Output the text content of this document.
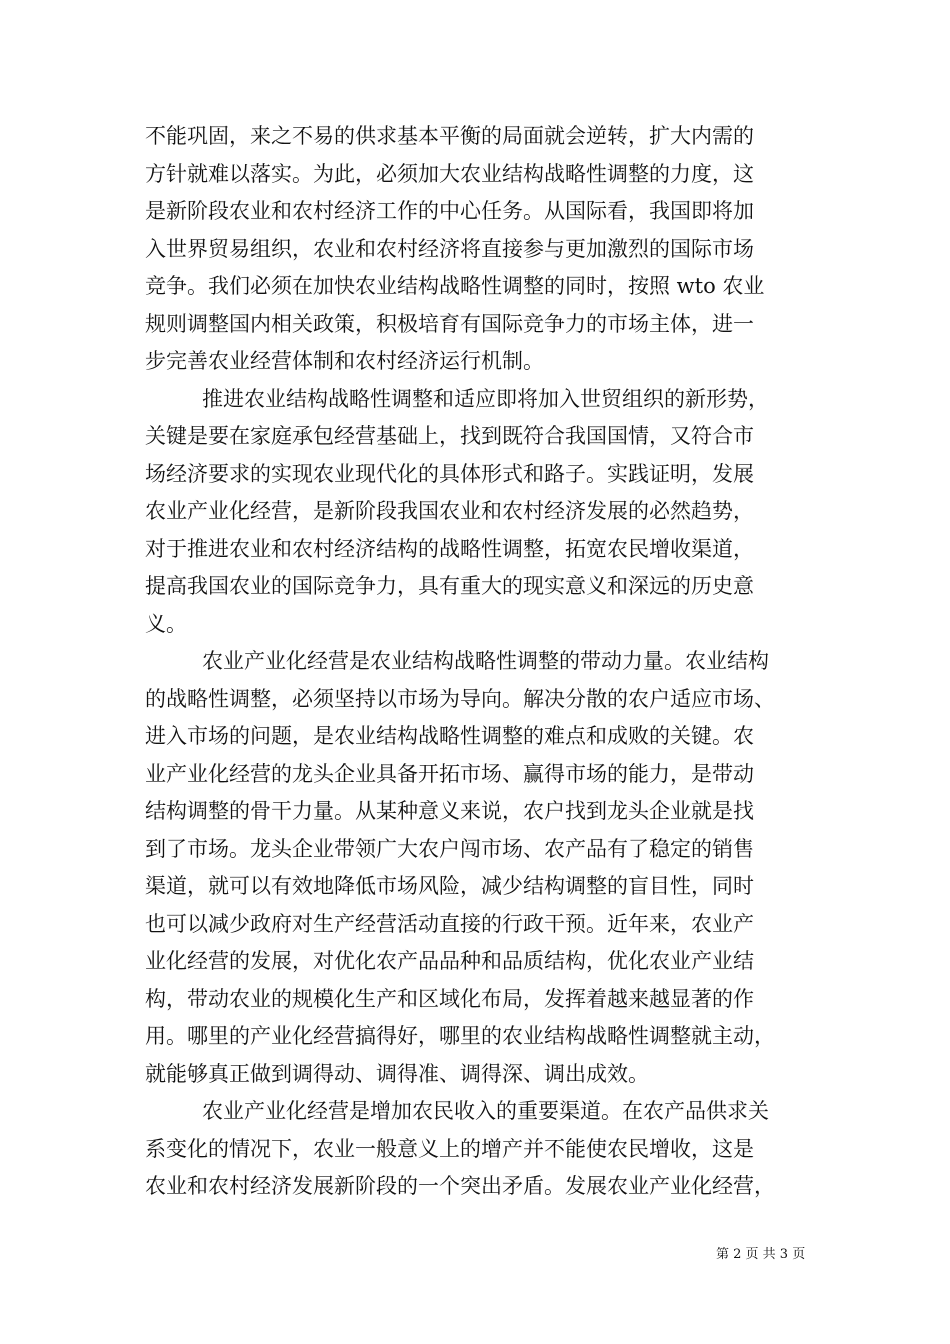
不能巩固，来之不易的供求基本平衡的局面就会逆转，扩大内需的
方针就难以落实。为此，必须加大农业结构战略性调整的力度，这
是新阶段农业和农村经济工作的中心任务。从国际看，我国即将加
入世界贸易组织，农业和农村经济将直接参与更加激烈的国际市场
竞争。我们必须在加快农业结构战略性调整的同时，按照 wto 农业
规则调整国内相关政策，积极培育有国际竞争力的市场主体，进一
步完善农业经营体制和农村经济运行机制。
推进农业结构战略性调整和适应即将加入世贸组织的新形势，
关键是要在家庭承包经营基础上，找到既符合我国国情，又符合市
场经济要求的实现农业现代化的具体形式和路子。实践证明，发展
农业产业化经营，是新阶段我国农业和农村经济发展的必然趋势，
对于推进农业和农村经济结构的战略性调整，拓宽农民增收渠道，
提高我国农业的国际竞争力，具有重大的现实意义和深远的历史意
义。
农业产业化经营是农业结构战略性调整的带动力量。农业结构
的战略性调整，必须坚持以市场为导向。解决分散的农户适应市场、
进入市场的问题，是农业结构战略性调整的难点和成败的关键。农
业产业化经营的龙头企业具备开拓市场、赢得市场的能力，是带动
结构调整的骨干力量。从某种意义来说，农户找到龙头企业就是找
到了市场。龙头企业带领广大农户闯市场、农产品有了稳定的销售
渠道，就可以有效地降低市场风险，减少结构调整的盲目性，同时
也可以减少政府对生产经营活动直接的行政干预。近年来，农业产
业化经营的发展，对优化农产品品种和品质结构，优化农业产业结
构，带动农业的规模化生产和区域化布局，发挥着越来越显著的作
用。哪里的产业化经营搞得好，哪里的农业结构战略性调整就主动，
就能够真正做到调得动、调得准、调得深、调出成效。
农业产业化经营是增加农民收入的重要渠道。在农产品供求关
系变化的情况下，农业一般意义上的增产并不能使农民增收，这是
农业和农村经济发展新阶段的一个突出矛盾。发展农业产业化经营，
第 2 页 共 3 页
